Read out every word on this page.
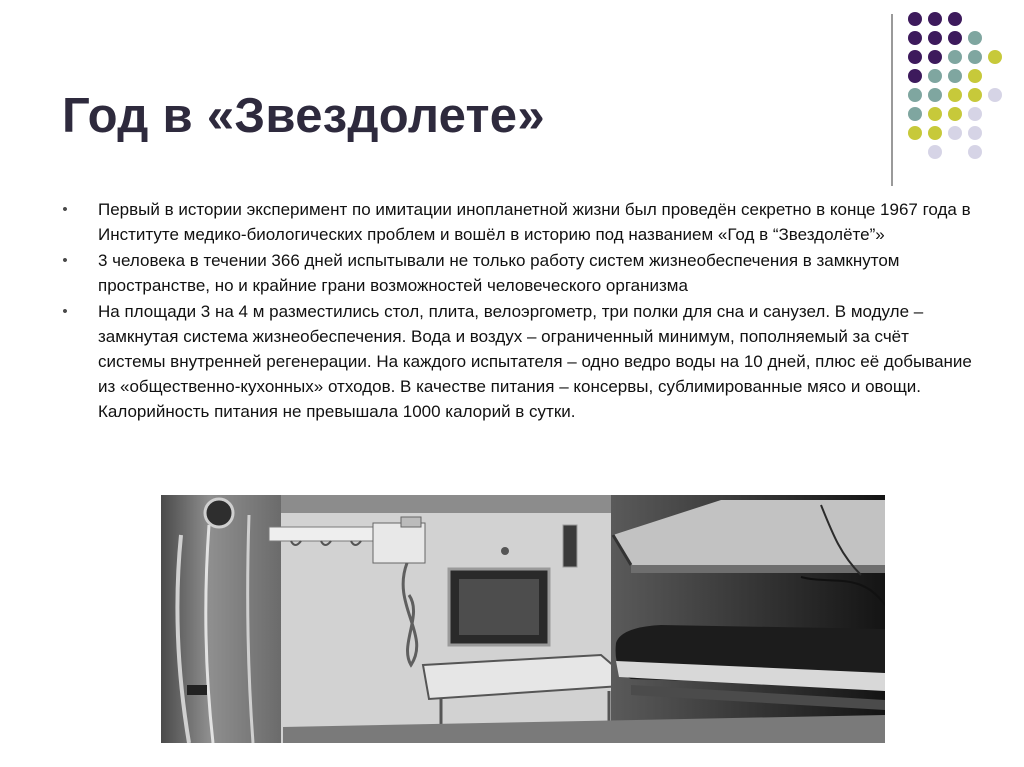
Год в «Звездолете»
• Первый в истории эксперимент по имитации инопланетной жизни был проведён секретно в конце 1967 года в Институте медико-биологических проблем и вошёл в историю под названием «Год в “Звездолёте”»
• 3 человека в течении 366 дней испытывали не только работу систем жизнеобеспечения в замкнутом пространстве, но и крайние грани возможностей человеческого организма
• На площади 3 на 4 м разместились стол, плита, велоэргометр, три полки для сна и санузел. В модуле – замкнутая система жизнеобеспечения. Вода и воздух – ограниченный минимум, пополняемый за счёт системы внутренней регенерации. На каждого испытателя – одно ведро воды на 10 дней, плюс её добывание из «общественно-кухонных» отходов. В качестве питания – консервы, сублимированные мясо и овощи. Калорийность питания не превышала 1000 калорий в сутки.
